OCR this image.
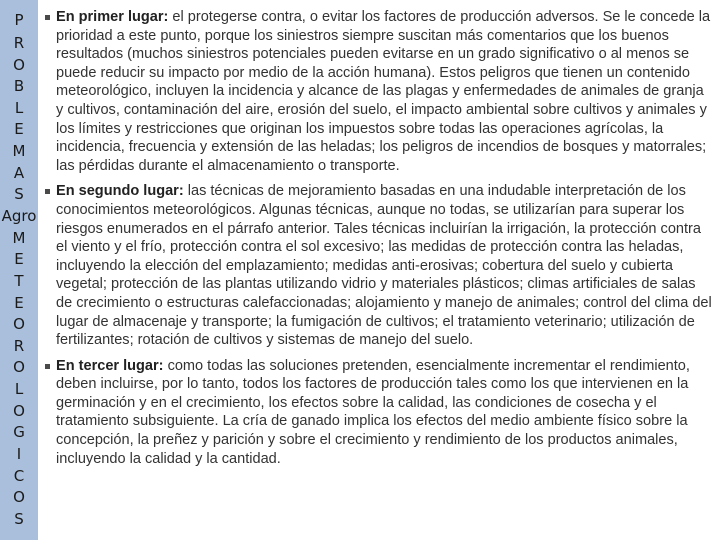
P
R
O
B
L
E
M
A
S
Agro
M
E
T
E
O
R
O
L
O
G
I
C
O
S

En primer lugar: el protegerse contra, o evitar los factores de producción adversos. Se le concede la prioridad a este punto, porque los siniestros siempre suscitan más comentarios que los buenos resultados (muchos siniestros potenciales pueden evitarse en un grado significativo o al menos se puede reducir su impacto por medio de la acción humana). Estos peligros que tienen un contenido meteorológico, incluyen la incidencia y alcance de las plagas y enfermedades de animales de granja y cultivos, contaminación del aire, erosión del suelo, el impacto ambiental sobre cultivos y animales y los límites y restricciones que originan los impuestos sobre todas las operaciones agrícolas, la incidencia, frecuencia y extensión de las heladas; los peligros de incendios de bosques y matorrales; las pérdidas durante el almacenamiento o transporte.

En segundo lugar: las técnicas de mejoramiento basadas en una indudable interpretación de los conocimientos meteorológicos. Algunas técnicas, aunque no todas, se utilizarían para superar los riesgos enumerados en el párrafo anterior. Tales técnicas incluirían la irrigación, la protección contra el viento y el frío, protección contra el sol excesivo; las medidas de protección contra las heladas, incluyendo la elección del emplazamiento; medidas anti-erosivas; cobertura del suelo y cubierta vegetal; protección de las plantas utilizando vidrio y materiales plásticos; climas artificiales de salas de crecimiento o estructuras calefaccionadas; alojamiento y manejo de animales; control del clima del lugar de almacenaje y transporte; la fumigación de cultivos; el tratamiento veterinario; utilización de fertilizantes; rotación de cultivos y sistemas de manejo del suelo.

En tercer lugar: como todas las soluciones pretenden, esencialmente incrementar el rendimiento, deben incluirse, por lo tanto, todos los factores de producción tales como los que intervienen en la germinación y en el crecimiento, los efectos sobre la calidad, las condiciones de cosecha y el tratamiento subsiguiente. La cría de ganado implica los efectos del medio ambiente físico sobre la concepción, la preñez y parición y sobre el crecimiento y rendimiento de los productos animales, incluyendo la calidad y la cantidad.
